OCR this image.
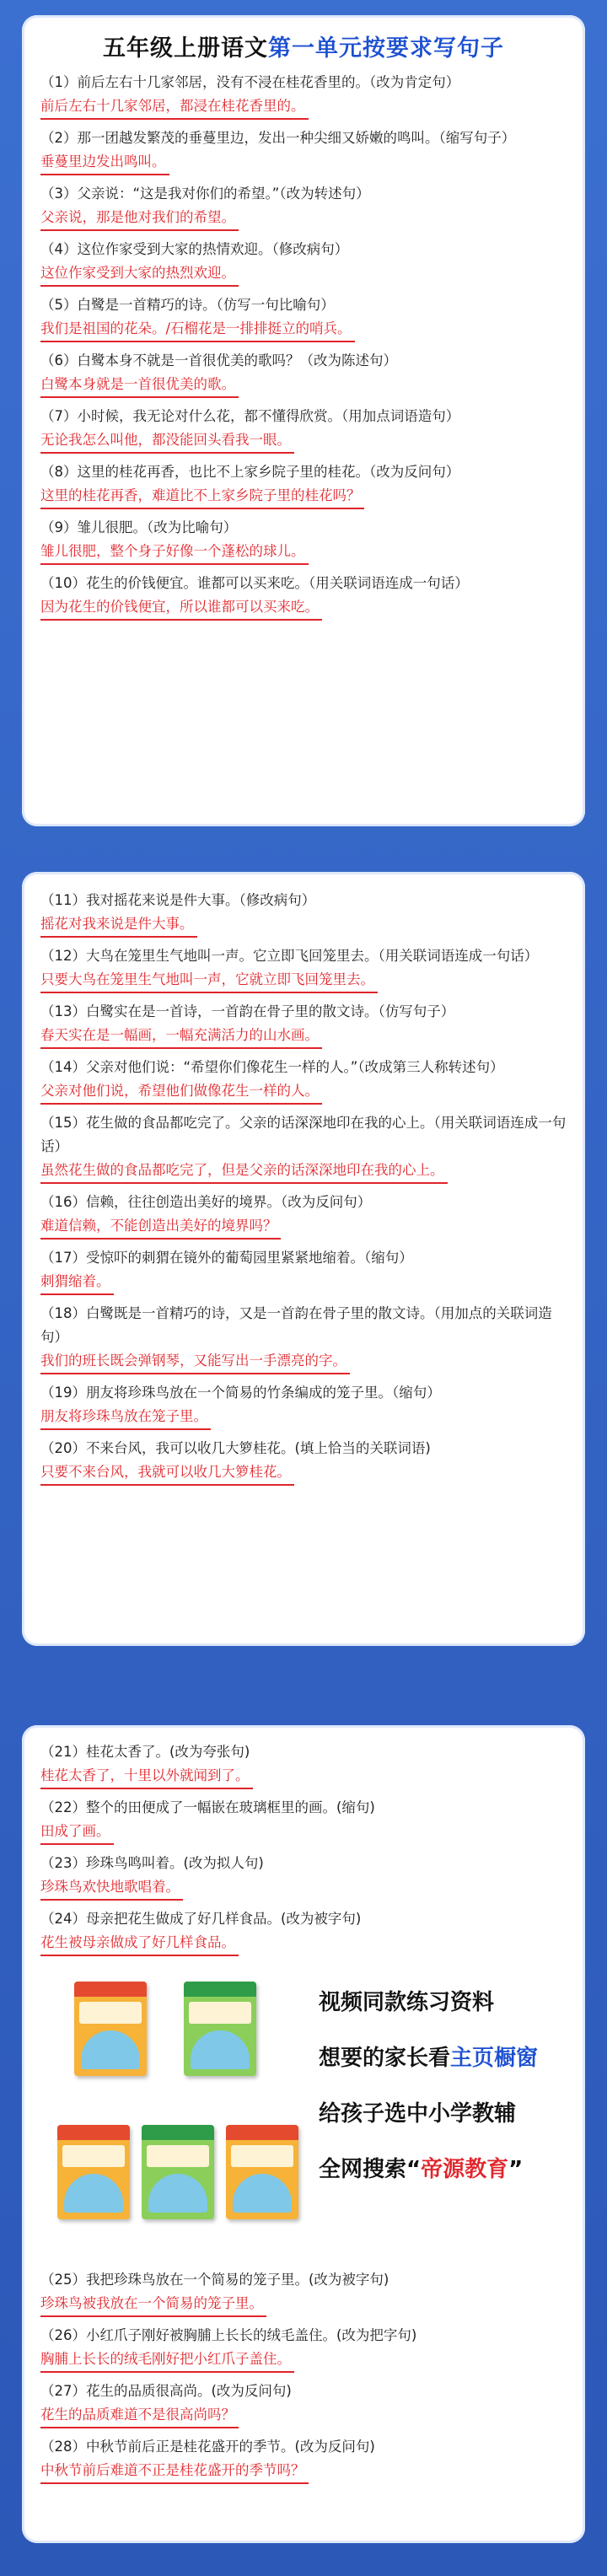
五年级上册语文第一单元按要求写句子

（1）前后左右十几家邻居，没有不浸在桂花香里的。（改为肯定句）

前后左右十几家邻居，都浸在桂花香里的。

（2）那一团越发繁茂的垂蔓里边，发出一种尖细又娇嫩的鸣叫。（缩写句子）

垂蔓里边发出鸣叫。

（3）父亲说：“这是我对你们的希望。”（改为转述句）

父亲说，那是他对我们的希望。

（4）这位作家受到大家的热情欢迎。（修改病句）

这位作家受到大家的热烈欢迎。

（5）白鹭是一首精巧的诗。（仿写一句比喻句）

我们是祖国的花朵。/石榴花是一排排挺立的哨兵。

（6）白鹭本身不就是一首很优美的歌吗？（改为陈述句）

白鹭本身就是一首很优美的歌。

（7）小时候，我无论对什么花，都不懂得欣赏。（用加点词语造句）

无论我怎么叫他，都没能回头看我一眼。

（8）这里的桂花再香，也比不上家乡院子里的桂花。（改为反问句）

这里的桂花再香，难道比不上家乡院子里的桂花吗？

（9）雏儿很肥。（改为比喻句）

雏儿很肥，整个身子好像一个蓬松的球儿。

（10）花生的价钱便宜。谁都可以买来吃。（用关联词语连成一句话）

因为花生的价钱便宜，所以谁都可以买来吃。

（11）我对摇花来说是件大事。（修改病句）

摇花对我来说是件大事。

（12）大鸟在笼里生气地叫一声。它立即飞回笼里去。（用关联词语连成一句话）

只要大鸟在笼里生气地叫一声，它就立即飞回笼里去。

（13）白鹭实在是一首诗，一首韵在骨子里的散文诗。（仿写句子）

春天实在是一幅画，一幅充满活力的山水画。

（14）父亲对他们说：“希望你们像花生一样的人。”（改成第三人称转述句）

父亲对他们说，希望他们做像花生一样的人。

（15）花生做的食品都吃完了。父亲的话深深地印在我的心上。（用关联词语连成一句话）

虽然花生做的食品都吃完了，但是父亲的话深深地印在我的心上。

（16）信赖，往往创造出美好的境界。（改为反问句）

难道信赖，不能创造出美好的境界吗？

（17）受惊吓的刺猬在镜外的葡萄园里紧紧地缩着。（缩句）

刺猬缩着。

（18）白鹭既是一首精巧的诗，又是一首韵在骨子里的散文诗。（用加点的关联词造句）

我们的班长既会弹钢琴，又能写出一手漂亮的字。

（19）朋友将珍珠鸟放在一个简易的竹条编成的笼子里。（缩句）

朋友将珍珠鸟放在笼子里。

（20）不来台风，我可以收几大箩桂花。(填上恰当的关联词语)

只要不来台风，我就可以收几大箩桂花。

（21）桂花太香了。(改为夸张句)

桂花太香了，十里以外就闻到了。

（22）整个的田便成了一幅嵌在玻璃框里的画。(缩句)

田成了画。

（23）珍珠鸟鸣叫着。(改为拟人句)

珍珠鸟欢快地歌唱着。

（24）母亲把花生做成了好几样食品。(改为被字句)

花生被母亲做成了好几样食品。
视频同款练习资料
想要的家长看主页橱窗
给孩子选中小学教辅
全网搜索“帝源教育”

（25）我把珍珠鸟放在一个简易的笼子里。(改为被字句)

珍珠鸟被我放在一个简易的笼子里。

（26）小红爪子刚好被胸脯上长长的绒毛盖住。(改为把字句)

胸脯上长长的绒毛刚好把小红爪子盖住。

（27）花生的品质很高尚。(改为反问句)

花生的品质难道不是很高尚吗？

（28）中秋节前后正是桂花盛开的季节。(改为反问句)

中秋节前后难道不正是桂花盛开的季节吗？
